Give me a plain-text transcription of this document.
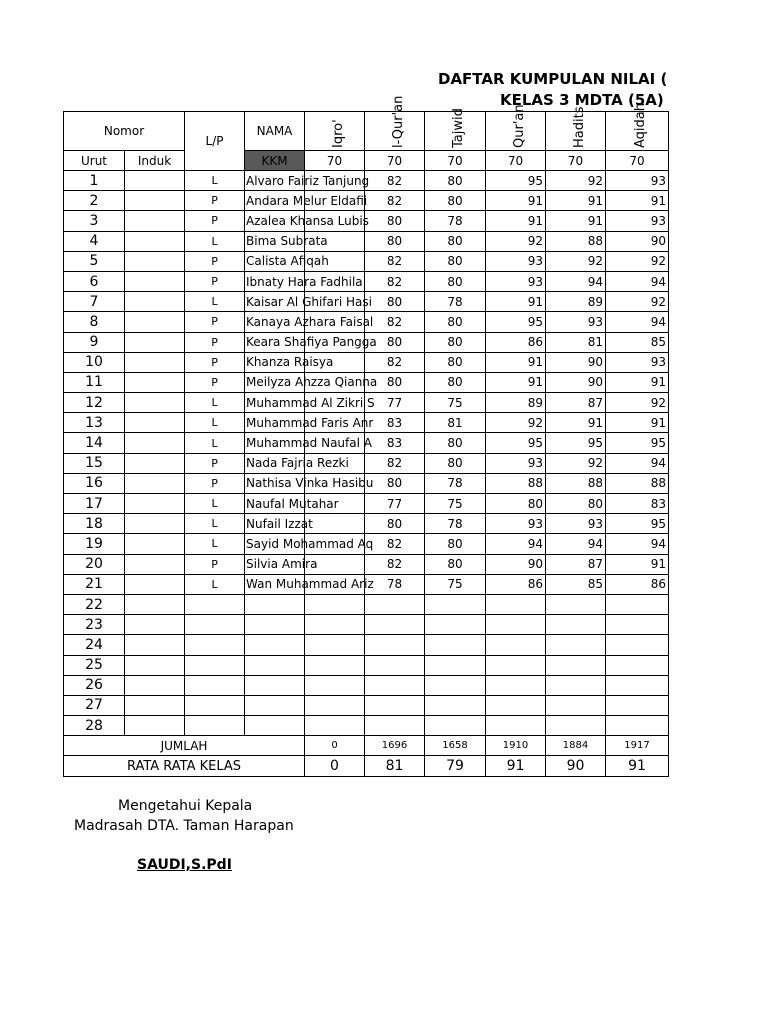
DAFTAR KUMPULAN NILAI (
KELAS 3 MDTA (5A)
Nomor		L/P	NAMA	Iqro'	l-Qur'an	Tajwid	Qur'an	Hadits	Aqidah

Urut	Induk		KKM	70	70	70	70	70	70
1		L	Alvaro Fairiz Tanjung		82	80	95	92	93
2		P	Andara Melur Eldafii		82	80	91	91	91
3		P	Azalea Khansa Lubis		80	78	91	91	93
4		L	Bima Subrata		80	80	92	88	90
5		P	Calista Afiqah		82	80	93	92	92
6		P	Ibnaty Hara Fadhila		82	80	93	94	94
7		L	Kaisar Al Ghifari Hasi		80	78	91	89	92
8		P	Kanaya Azhara Faisal		82	80	95	93	94
9		P	Keara Shafiya Pangga		80	80	86	81	85
10		P	Khanza Raisya		82	80	91	90	93
11		P	Meilyza Ahzza Qianna		80	80	91	90	91
12		L	Muhammad Al Zikri S		77	75	89	87	92
13		L	Muhammad Faris Anr		83	81	92	91	91
14		L	Muhammad Naufal A		83	80	95	95	95
15		P	Nada Fajria Rezki		82	80	93	92	94
16		P	Nathisa Vinka Hasibu		80	78	88	88	88
17		L	Naufal Mutahar		77	75	80	80	83
18		L	Nufail Izzat		80	78	93	93	95
19		L	Sayid Mohammad Aq		82	80	94	94	94
20		P	Silvia Amira		82	80	90	87	91
21		L	Wan Muhammad Ariz		78	75	86	85	86
22									
23									
24									
25									
26									
27									
28									
JUMLAH				0	1696	1658	1910	1884	1917
RATA RATA KELAS				0	81	79	91	90	91
Mengetahui Kepala
Madrasah DTA. Taman Harapan
SAUDI,S.PdI
